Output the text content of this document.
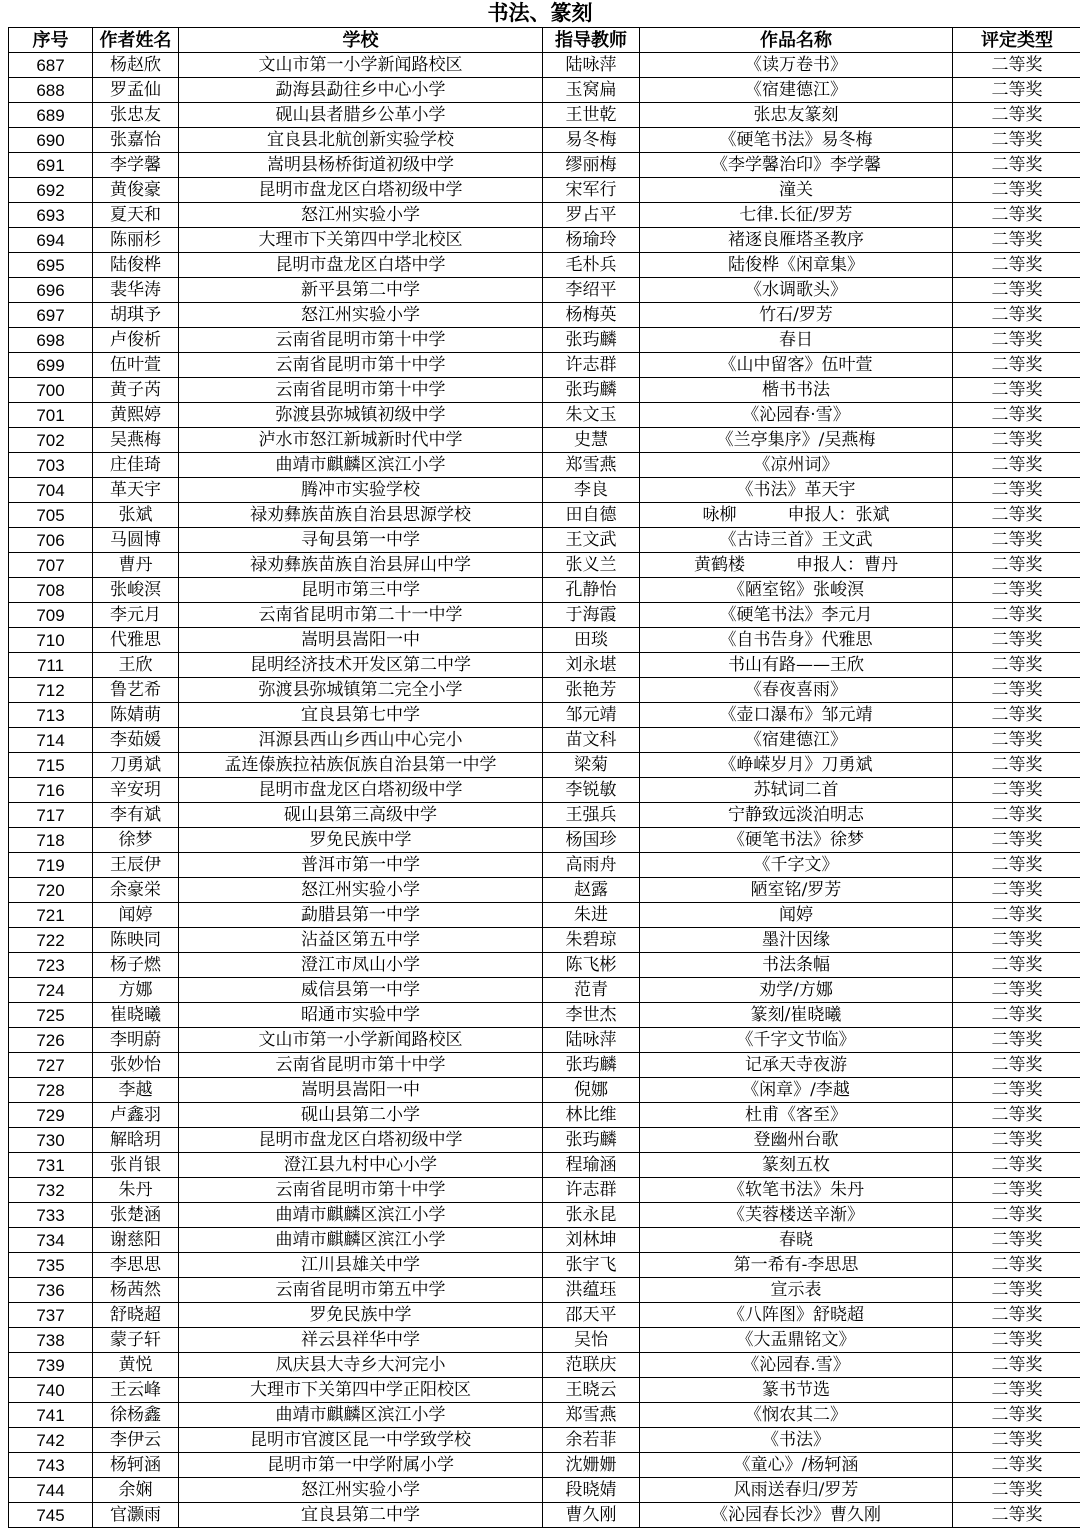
书法、篆刻
序号	作者姓名	学校	指导教师	作品名称	评定类型
687	杨赵欣	文山市第一小学新闻路校区	陆咏萍	《读万卷书》	二等奖
688	罗孟仙	勐海县勐往乡中心小学	玉窝扁	《宿建德江》	二等奖
689	张忠友	砚山县者腊乡公革小学	王世乾	张忠友篆刻	二等奖
690	张嘉怡	宜良县北航创新实验学校	易冬梅	《硬笔书法》易冬梅	二等奖
691	李学馨	嵩明县杨桥街道初级中学	缪丽梅	《李学馨治印》李学馨	二等奖
692	黄俊豪	昆明市盘龙区白塔初级中学	宋军行	潼关	二等奖
693	夏天和	怒江州实验小学	罗占平	七律.长征/罗芳	二等奖
694	陈丽杉	大理市下关第四中学北校区	杨瑜玲	褚逐良雁塔圣教序	二等奖
695	陆俊桦	昆明市盘龙区白塔中学	毛朴兵	陆俊桦《闲章集》	二等奖
696	裴华涛	新平县第二中学	李绍平	《水调歌头》	二等奖
697	胡琪予	怒江州实验小学	杨梅英	竹石/罗芳	二等奖
698	卢俊析	云南省昆明市第十中学	张玙麟	春日	二等奖
699	伍叶萱	云南省昆明市第十中学	许志群	《山中留客》伍叶萱	二等奖
700	黄子芮	云南省昆明市第十中学	张玙麟	楷书书法	二等奖
701	黄熙婷	弥渡县弥城镇初级中学	朱文玉	《沁园春·雪》	二等奖
702	吴燕梅	泸水市怒江新城新时代中学	史慧	《兰亭集序》/吴燕梅	二等奖
703	庄佳琦	曲靖市麒麟区滨江小学	郑雪燕	《凉州词》	二等奖
704	革天宇	腾冲市实验学校	李良	《书法》革天宇	二等奖
705	张斌	禄劝彝族苗族自治县思源学校	田自德	咏柳　　　申报人：张斌	二等奖
706	马圆博	寻甸县第一中学	王文武	《古诗三首》王文武	二等奖
707	曹丹	禄劝彝族苗族自治县屏山中学	张义兰	黄鹤楼　　　申报人：曹丹	二等奖
708	张峻溟	昆明市第三中学	孔静怡	《陋室铭》张峻溟	二等奖
709	李元月	云南省昆明市第二十一中学	于海霞	《硬笔书法》李元月	二等奖
710	代雅思	嵩明县嵩阳一中	田琰	《自书告身》代雅思	二等奖
711	王欣	昆明经济技术开发区第二中学	刘永堪	书山有路——王欣	二等奖
712	鲁艺希	弥渡县弥城镇第二完全小学	张艳芳	《春夜喜雨》	二等奖
713	陈婧萌	宜良县第七中学	邹元靖	《壶口瀑布》邹元靖	二等奖
714	李茹媛	洱源县西山乡西山中心完小	苗文科	《宿建德江》	二等奖
715	刀勇斌	孟连傣族拉祜族佤族自治县第一中学	梁菊	《峥嵘岁月》刀勇斌	二等奖
716	辛安玥	昆明市盘龙区白塔初级中学	李锐敏	苏轼词二首	二等奖
717	李有斌	砚山县第三高级中学	王强兵	宁静致远淡泊明志	二等奖
718	徐梦	罗免民族中学	杨国珍	《硬笔书法》徐梦	二等奖
719	王辰伊	普洱市第一中学	高雨舟	《千字文》	二等奖
720	余豪栄	怒江州实验小学	赵露	陋室铭/罗芳	二等奖
721	闻婷	勐腊县第一中学	朱进	闻婷	二等奖
722	陈映同	沾益区第五中学	朱碧琼	墨汁因缘	二等奖
723	杨子燃	澄江市凤山小学	陈飞彬	书法条幅	二等奖
724	方娜	威信县第一中学	范青	劝学/方娜	二等奖
725	崔晓曦	昭通市实验中学	李世杰	篆刻/崔晓曦	二等奖
726	李明蔚	文山市第一小学新闻路校区	陆咏萍	《千字文节临》	二等奖
727	张妙怡	云南省昆明市第十中学	张玙麟	记承天寺夜游	二等奖
728	李越	嵩明县嵩阳一中	倪娜	《闲章》/李越	二等奖
729	卢鑫羽	砚山县第二小学	林比维	杜甫《客至》	二等奖
730	解晗玥	昆明市盘龙区白塔初级中学	张玙麟	登幽州台歌	二等奖
731	张肖银	澄江县九村中心小学	程瑜涵	篆刻五枚	二等奖
732	朱丹	云南省昆明市第十中学	许志群	《软笔书法》朱丹	二等奖
733	张楚涵	曲靖市麒麟区滨江小学	张永昆	《芙蓉楼送辛渐》	二等奖
734	谢慈阳	曲靖市麒麟区滨江小学	刘林坤	春晓	二等奖
735	李思思	江川县雄关中学	张宇飞	第一希有-李思思	二等奖
736	杨茜然	云南省昆明市第五中学	洪蕴珏	宣示表	二等奖
737	舒晓超	罗免民族中学	邵天平	《八阵图》舒晓超	二等奖
738	蒙子轩	祥云县祥华中学	吴怡	《大盂鼎铭文》	二等奖
739	黄悦	凤庆县大寺乡大河完小	范联庆	《沁园春.雪》	二等奖
740	王云峰	大理市下关第四中学正阳校区	王晓云	篆书节选	二等奖
741	徐杨鑫	曲靖市麒麟区滨江小学	郑雪燕	《悯农其二》	二等奖
742	李伊云	昆明市官渡区昆一中学致学校	余若菲	《书法》	二等奖
743	杨轲涵	昆明市第一中学附属小学	沈姗姗	《童心》/杨轲涵	二等奖
744	余娴	怒江州实验小学	段晓婧	风雨送春归/罗芳	二等奖
745	官灏雨	宜良县第二中学	曹久刚	《沁园春长沙》曹久刚	二等奖
